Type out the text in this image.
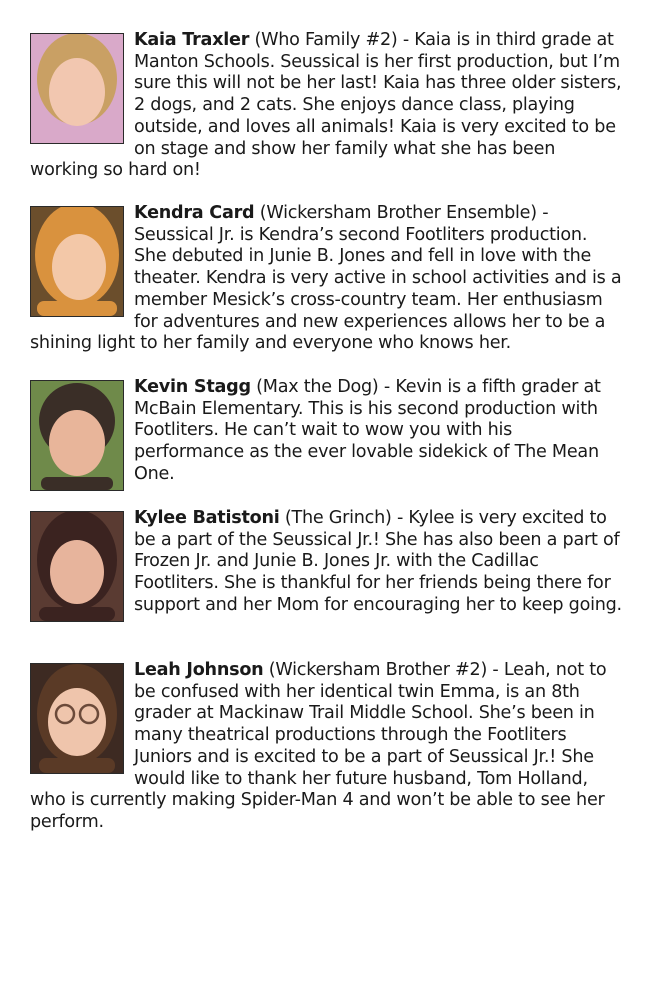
Kaia Traxler (Who Family #2) - Kaia is in third grade at Manton Schools. Seussical is her first production, but I’m sure this will not be her last! Kaia has three older sisters, 2 dogs, and 2 cats. She enjoys dance class, playing outside, and loves all animals! Kaia is very excited to be on stage and show her family what she has been working so hard on!

Kendra Card (Wickersham Brother Ensemble) - Seussical Jr. is Kendra’s second Footliters production. She debuted in Junie B. Jones and fell in love with the theater. Kendra is very active in school activities and is a member Mesick’s cross-country team. Her enthusiasm for adventures and new experiences allows her to be a shining light to her family and everyone who knows her.

Kevin Stagg (Max the Dog) - Kevin is a fifth grader at McBain Elementary. This is his second production with Footliters. He can’t wait to wow you with his performance as the ever lovable sidekick of The Mean One.

Kylee Batistoni (The Grinch) - Kylee is very excited to be a part of the Seussical Jr.! She has also been a part of Frozen Jr. and Junie B. Jones Jr. with the Cadillac Footliters. She is thankful for her friends being there for support and her Mom for encouraging her to keep going.

Leah Johnson (Wickersham Brother #2) - Leah, not to be confused with her identical twin Emma, is an 8th grader at Mackinaw Trail Middle School. She’s been in many theatrical productions through the Footliters Juniors and is excited to be a part of Seussical Jr.! She would like to thank her future husband, Tom Holland, who is currently making Spider-Man 4 and won’t be able to see her perform.
